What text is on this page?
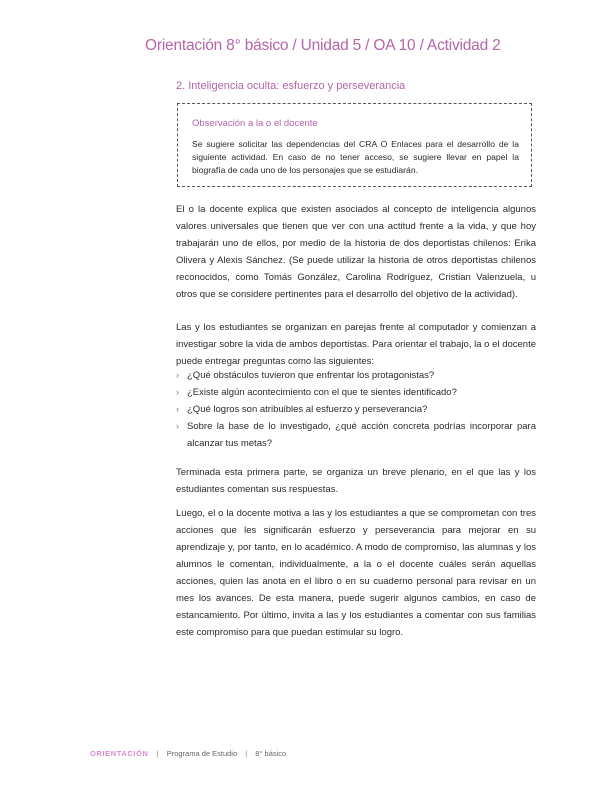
Orientación 8° básico / Unidad 5 / OA 10 / Actividad 2
2. Inteligencia oculta: esfuerzo y perseverancia
Observación a la o el docente
Se sugiere solicitar las dependencias del CRA O Enlaces para el desarrollo de la siguiente actividad. En caso de no tener acceso, se sugiere llevar en papel la biografía de cada uno de los personajes que se estudiarán.
El o la docente explica que existen asociados al concepto de inteligencia algunos valores universales que tienen que ver con una actitud frente a la vida, y que hoy trabajarán uno de ellos, por medio de la historia de dos deportistas chilenos: Erika Olivera y Alexis Sánchez. (Se puede utilizar la historia de otros deportistas chilenos reconocidos, como Tomás González, Carolina Rodríguez, Cristian Valenzuela, u otros que se considere pertinentes para el desarrollo del objetivo de la actividad).
Las y los estudiantes se organizan en parejas frente al computador y comienzan a investigar sobre la vida de ambos deportistas. Para orientar el trabajo, la o el docente puede entregar preguntas como las siguientes:
› ¿Qué obstáculos tuvieron que enfrentar los protagonistas?
› ¿Existe algún acontecimiento con el que te sientes identificado?
› ¿Qué logros son atribuibles al esfuerzo y perseverancia?
› Sobre la base de lo investigado, ¿qué acción concreta podrías incorporar para alcanzar tus metas?
Terminada esta primera parte, se organiza un breve plenario, en el que las y los estudiantes comentan sus respuestas.
Luego, el o la docente motiva a las y los estudiantes a que se comprometan con tres acciones que les significarán esfuerzo y perseverancia para mejorar en su aprendizaje y, por tanto, en lo académico. A modo de compromiso, las alumnas y los alumnos le comentan, individualmente, a la o el docente cuáles serán aquellas acciones, quien las anota en el libro o en su cuaderno personal para revisar en un mes los avances. De esta manera, puede sugerir algunos cambios, en caso de estancamiento. Por último, invita a las y los estudiantes a comentar con sus familias este compromiso para que puedan estimular su logro.
ORIENTACIÓN | Programa de Estudio | 8° básico
